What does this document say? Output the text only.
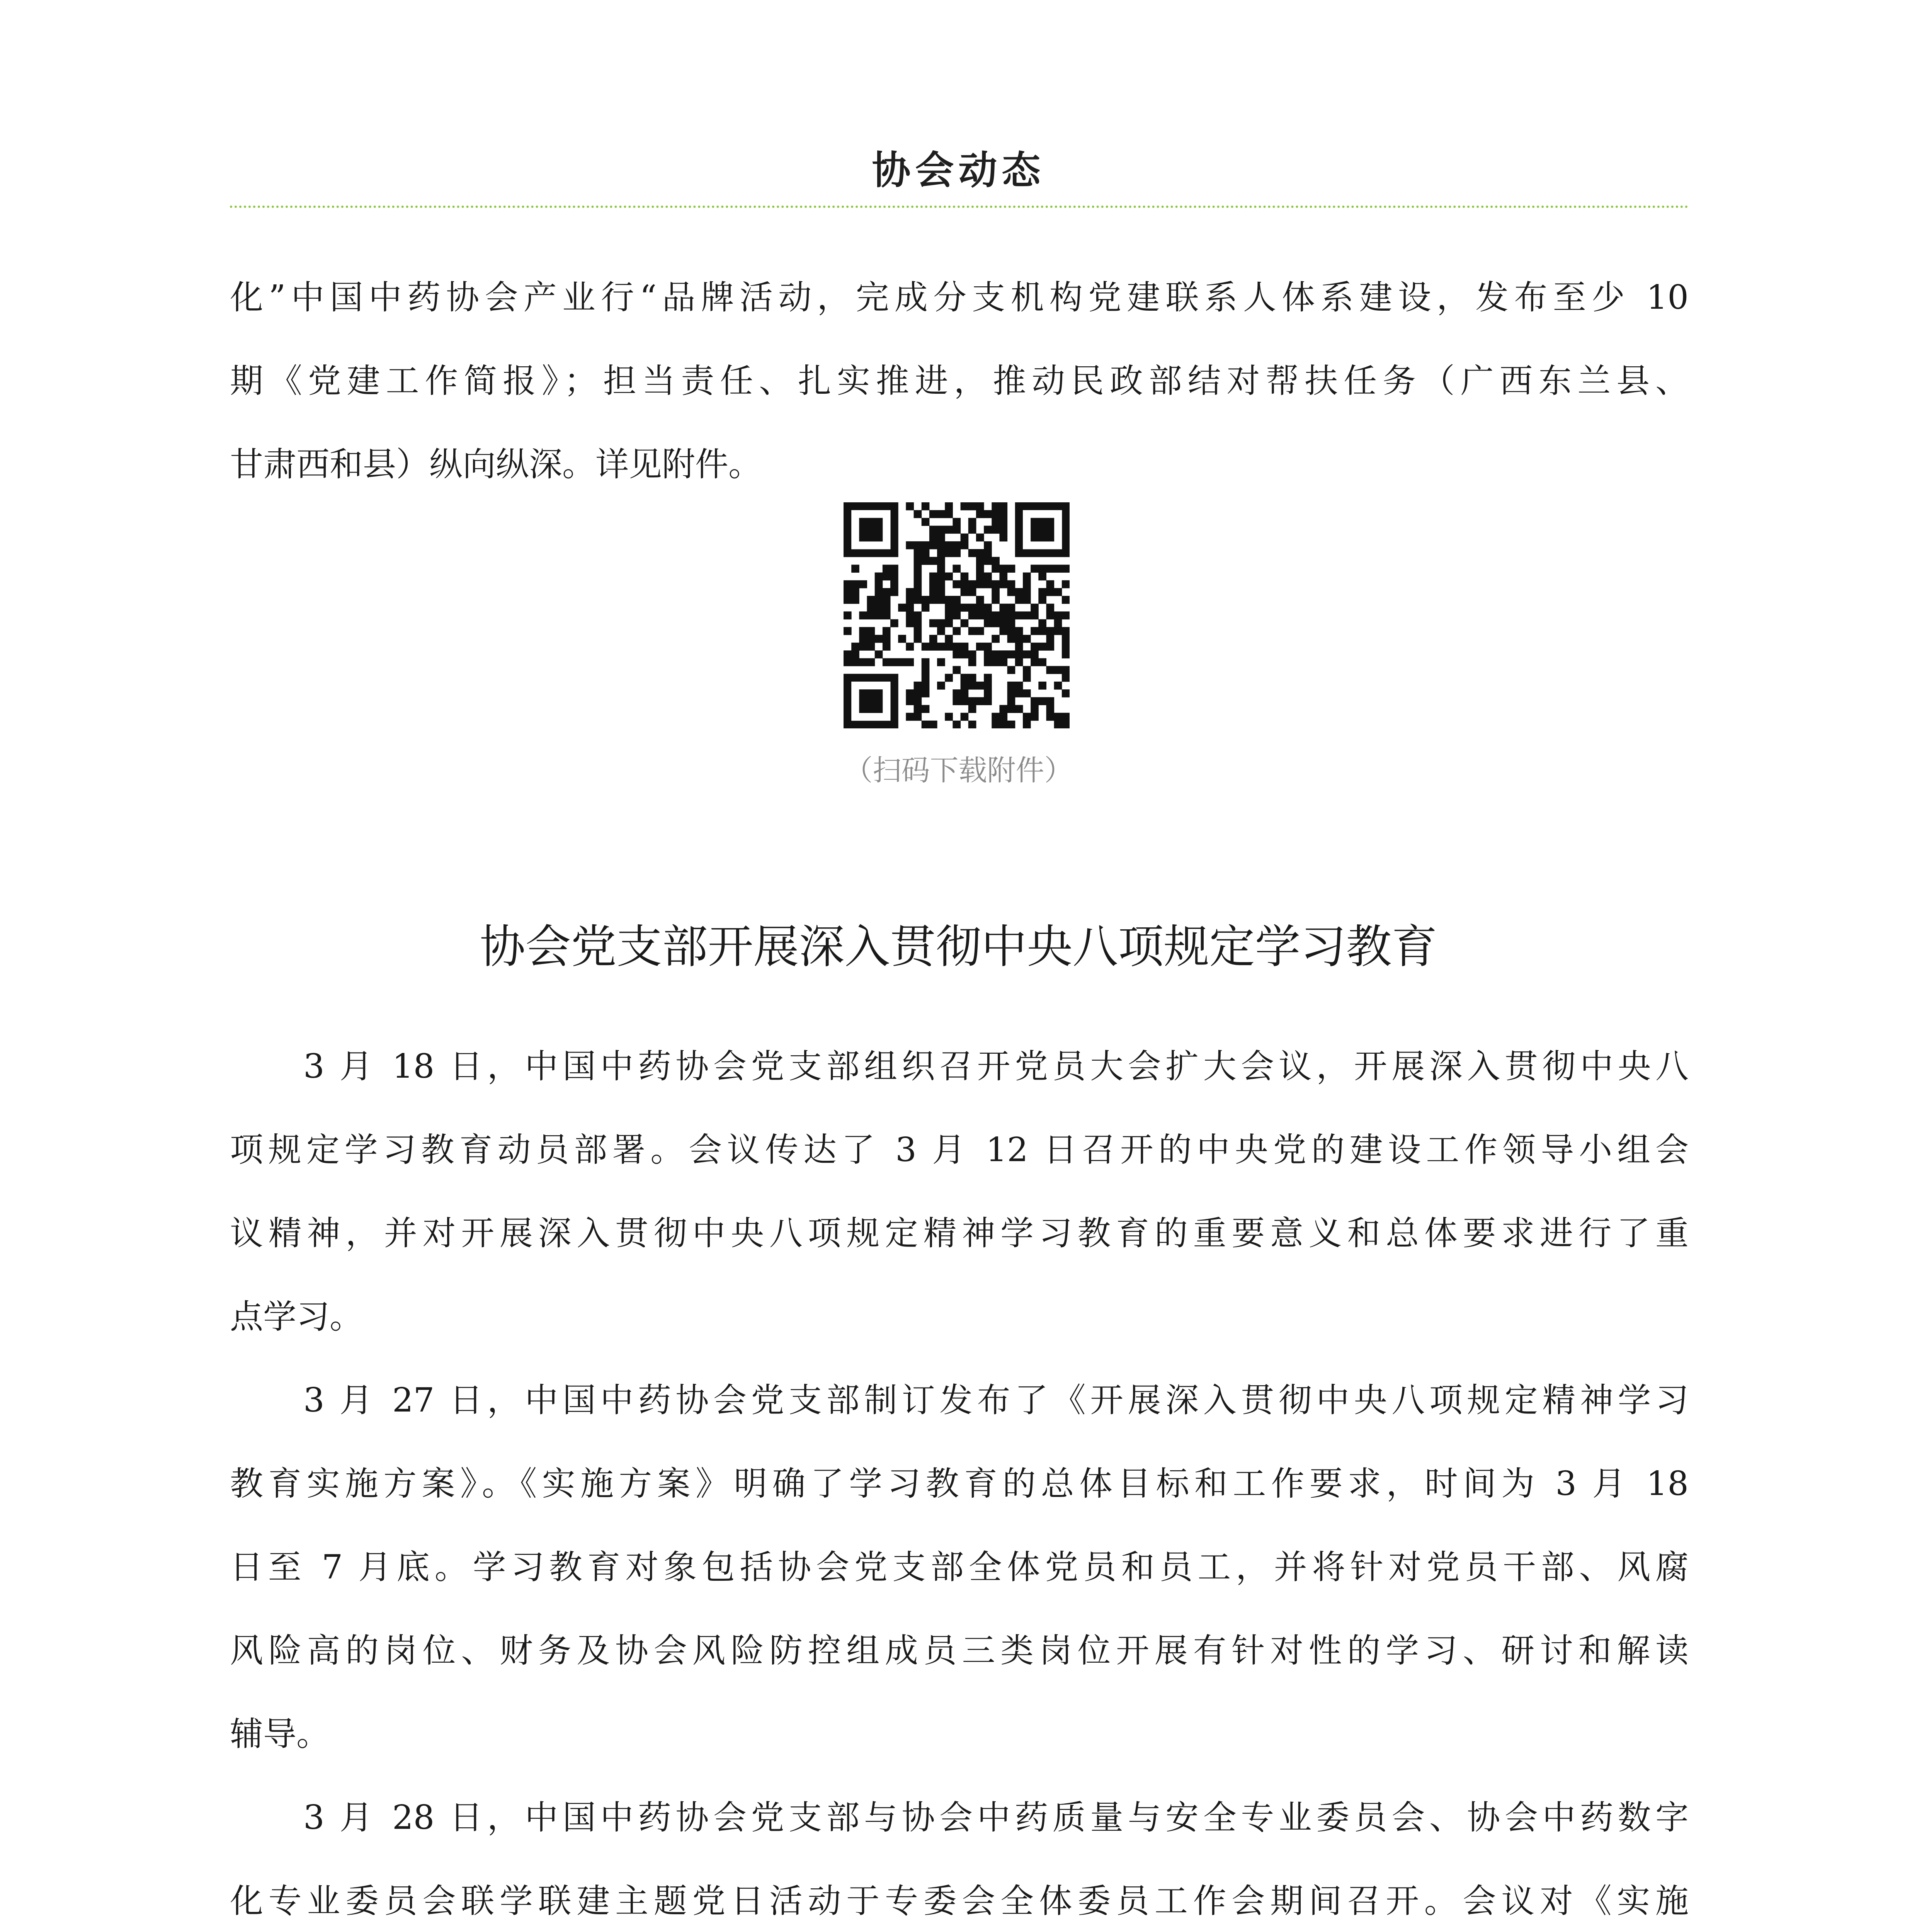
协会动态
化”中国中药协会产业行“品牌活动，完成分支机构党建联系人体系建设，发布至少 10
期《党建工作简报》；担当责任、扎实推进，推动民政部结对帮扶任务（广西东兰县、
甘肃西和县）纵向纵深。详见附件。
（扫码下载附件）
协会党支部开展深入贯彻中央八项规定学习教育
3 月 18 日，中国中药协会党支部组织召开党员大会扩大会议，开展深入贯彻中央八
项规定学习教育动员部署。会议传达了 3 月 12 日召开的中央党的建设工作领导小组会
议精神，并对开展深入贯彻中央八项规定精神学习教育的重要意义和总体要求进行了重
点学习。
3 月 27 日，中国中药协会党支部制订发布了《开展深入贯彻中央八项规定精神学习
教育实施方案》。《实施方案》明确了学习教育的总体目标和工作要求，时间为 3 月 18
日至 7 月底。学习教育对象包括协会党支部全体党员和员工，并将针对党员干部、风腐
风险高的岗位、财务及协会风险防控组成员三类岗位开展有针对性的学习、研讨和解读
辅导。
3 月 28 日，中国中药协会党支部与协会中药质量与安全专业委员会、协会中药数字
化专业委员会联学联建主题党日活动于专委会全体委员工作会期间召开。会议对《实施
